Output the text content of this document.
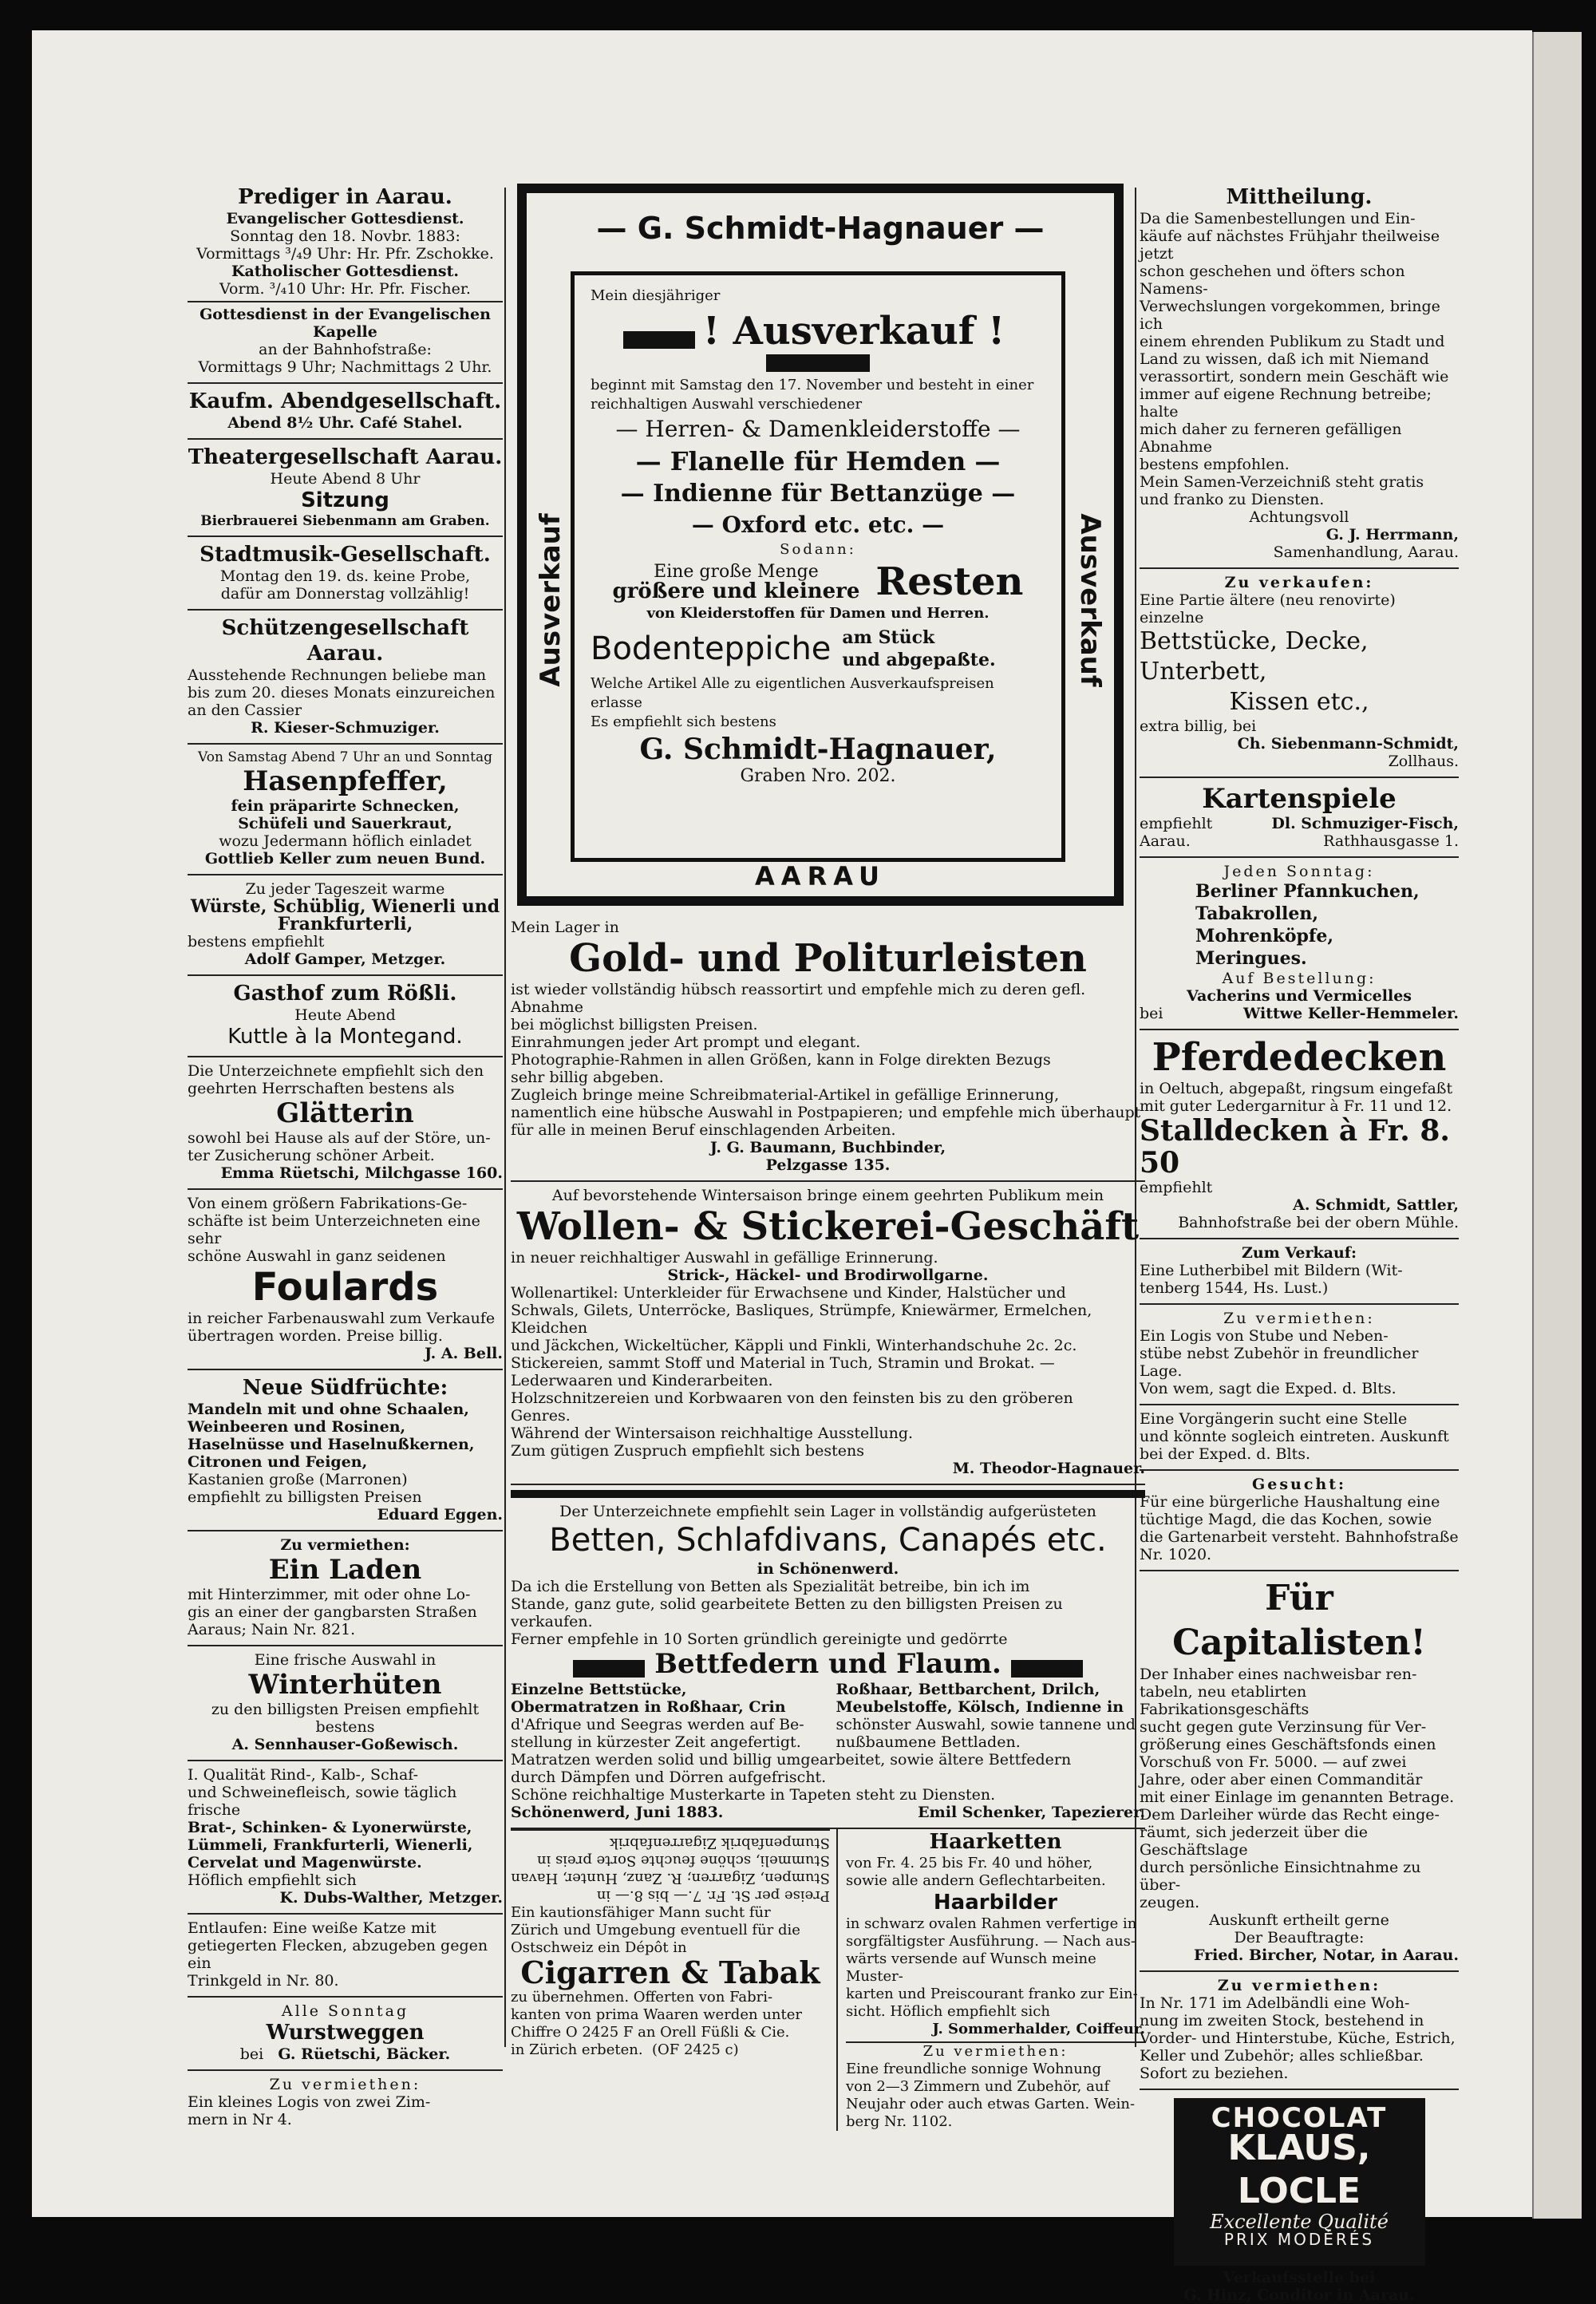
Prediger in Aarau.
Evangelischer Gottesdienst.
Sonntag den 18. Novbr. 1883:
Vormittags ³/₄9 Uhr: Hr. Pfr. Zschokke.
Katholischer Gottesdienst.
Vorm. ³/₄10 Uhr: Hr. Pfr. Fischer.
Gottesdienst in der Evangelischen Kapelle
an der Bahnhofstraße:
Vormittags 9 Uhr; Nachmittags 2 Uhr.
Kaufm. Abendgesellschaft.
Abend 8½ Uhr. Café Stahel.
Theatergesellschaft Aarau.
Heute Abend 8 Uhr
Sitzung
Bierbrauerei Siebenmann am Graben.
Stadtmusik-Gesellschaft.
Montag den 19. ds. keine Probe,
dafür am Donnerstag vollzählig!
Schützengesellschaft Aarau.
Ausstehende Rechnungen beliebe man
bis zum 20. dieses Monats einzureichen
an den Cassier
R. Kieser-Schmuziger.
Von Samstag Abend 7 Uhr an und Sonntag
Hasenpfeffer,
fein präparirte Schnecken,
Schüfeli und Sauerkraut,
wozu Jedermann höflich einladet
Gottlieb Keller zum neuen Bund.
Zu jeder Tageszeit warme
Würste, Schüblig, Wienerli und
Frankfurterli,
bestens empfiehlt
Adolf Gamper, Metzger.
Gasthof zum Rößli.
Heute Abend
Kuttle à la Montegand.
Die Unterzeichnete empfiehlt sich den
geehrten Herrschaften bestens als
Glätterin
sowohl bei Hause als auf der Störe, un-
ter Zusicherung schöner Arbeit.
Emma Rüetschi, Milchgasse 160.
Von einem größern Fabrikations-Ge-
schäfte ist beim Unterzeichneten eine sehr
schöne Auswahl in ganz seidenen
Foulards
in reicher Farbenauswahl zum Verkaufe
übertragen worden. Preise billig.
J. A. Bell.
Neue Südfrüchte:
Mandeln mit und ohne Schaalen,
Weinbeeren und Rosinen,
Haselnüsse und Haselnußkernen,
Citronen und Feigen,
Kastanien große (Marronen)
empfiehlt zu billigsten Preisen
Eduard Eggen.
Zu vermiethen:
Ein Laden
mit Hinterzimmer, mit oder ohne Lo-
gis an einer der gangbarsten Straßen
Aaraus; Nain Nr. 821.
Eine frische Auswahl in
Winterhüten
zu den billigsten Preisen empfiehlt bestens
A. Sennhauser-Goßewisch.
I. Qualität Rind-, Kalb-, Schaf-
und Schweinefleisch, sowie täglich frische
Brat-, Schinken- & Lyonerwürste,
Lümmeli, Frankfurterli, Wienerli,
Cervelat und Magenwürste.
Höflich empfiehlt sich
K. Dubs-Walther, Metzger.
Entlaufen: Eine weiße Katze mit
getiegerten Flecken, abzugeben gegen ein
Trinkgeld in Nr. 80.
Alle Sonntag
Wurstweggen
bei G. Rüetschi, Bäcker.
Zu vermiethen:
Ein kleines Logis von zwei Zim-
mern in Nr 4.
— G. Schmidt-Hagnauer —
Ausverkauf	Ausverkauf
Mein diesjähriger
! Ausverkauf !
beginnt mit Samstag den 17. November und besteht in einer
reichhaltigen Auswahl verschiedener
— Herren- & Damenkleiderstoffe —
— Flanelle für Hemden —
— Indienne für Bettanzüge —
— Oxford etc. etc. —
Sodann:
Eine große Menge
größere und kleinere Resten
von Kleiderstoffen für Damen und Herren.
Bodenteppiche am Stück
und abgepaßte.
Welche Artikel Alle zu eigentlichen Ausverkaufspreisen
erlasse
Es empfiehlt sich bestens
G. Schmidt-Hagnauer,
Graben Nro. 202.
AARAU
Mein Lager in
Gold- und Politurleisten
ist wieder vollständig hübsch reassortirt und empfehle mich zu deren gefl. Abnahme
bei möglichst billigsten Preisen.
Einrahmungen jeder Art prompt und elegant.
Photographie-Rahmen in allen Größen, kann in Folge direkten Bezugs
sehr billig abgeben.
Zugleich bringe meine Schreibmaterial-Artikel in gefällige Erinnerung,
namentlich eine hübsche Auswahl in Postpapieren; und empfehle mich überhaupt
für alle in meinen Beruf einschlagenden Arbeiten.
J. G. Baumann, Buchbinder,
Pelzgasse 135.
Auf bevorstehende Wintersaison bringe einem geehrten Publikum mein
Wollen- & Stickerei-Geschäft
in neuer reichhaltiger Auswahl in gefällige Erinnerung.
Strick-, Häckel- und Brodirwollgarne.
Wollenartikel: Unterkleider für Erwachsene und Kinder, Halstücher und
Schwals, Gilets, Unterröcke, Basliques, Strümpfe, Kniewärmer, Ermelchen, Kleidchen
und Jäckchen, Wickeltücher, Käppli und Finkli, Winterhandschuhe 2c. 2c.
Stickereien, sammt Stoff und Material in Tuch, Stramin und Brokat. —
Lederwaaren und Kinderarbeiten.
Holzschnitzereien und Korbwaaren von den feinsten bis zu den gröberen
Genres.
Während der Wintersaison reichhaltige Ausstellung.
Zum gütigen Zuspruch empfiehlt sich bestens
M. Theodor-Hagnauer.
Der Unterzeichnete empfiehlt sein Lager in vollständig aufgerüsteten
Betten, Schlafdivans, Canapés etc.
in Schönenwerd.
Da ich die Erstellung von Betten als Spezialität betreibe, bin ich im
Stande, ganz gute, solid gearbeitete Betten zu den billigsten Preisen zu verkaufen.
Ferner empfehle in 10 Sorten gründlich gereinigte und gedörrte
Bettfedern und Flaum.
Einzelne Bettstücke,
Obermatratzen in Roßhaar, Crin
d'Afrique und Seegras werden auf Be-
stellung in kürzester Zeit angefertigt.
Roßhaar, Bettbarchent, Drilch,
Meubelstoffe, Kölsch, Indienne in
schönster Auswahl, sowie tannene und
nußbaumene Bettladen.
Matratzen werden solid und billig umgearbeitet, sowie ältere Bettfedern
durch Dämpfen und Dörren aufgefrischt.
Schöne reichhaltige Musterkarte in Tapeten steht zu Diensten.
Schönenwerd, Juni 1883.	Emil Schenker, Tapezierer.
Preise per St. Fr. 7.— bis 8.— in
Stumpen, Zigarren; R. Zanz, Hunter, Havan
Stummeli, schöne feuchte Sorte preis in
Stumpenfabrik Zigarrenfabrik
Ein kautionsfähiger Mann sucht für
Zürich und Umgebung eventuell für die
Ostschweiz ein Dépôt in
Cigarren & Tabak
zu übernehmen. Offerten von Fabri-
kanten von prima Waaren werden unter
Chiffre O 2425 F an Orell Füßli & Cie.
in Zürich erbeten. (OF 2425 c)
Haarketten
von Fr. 4. 25 bis Fr. 40 und höher,
sowie alle andern Geflechtarbeiten.
Haarbilder
in schwarz ovalen Rahmen verfertige in
sorgfältigster Ausführung. — Nach aus-
wärts versende auf Wunsch meine Muster-
karten und Preiscourant franko zur Ein-
sicht. Höflich empfiehlt sich
J. Sommerhalder, Coiffeur.
Zu vermiethen:
Eine freundliche sonnige Wohnung
von 2—3 Zimmern und Zubehör, auf
Neujahr oder auch etwas Garten. Wein-
berg Nr. 1102.
Mittheilung.
Da die Samenbestellungen und Ein-
käufe auf nächstes Frühjahr theilweise jetzt
schon geschehen und öfters schon Namens-
Verwechslungen vorgekommen, bringe ich
einem ehrenden Publikum zu Stadt und
Land zu wissen, daß ich mit Niemand
verassortirt, sondern mein Geschäft wie
immer auf eigene Rechnung betreibe; halte
mich daher zu ferneren gefälligen Abnahme
bestens empfohlen.
Mein Samen-Verzeichniß steht gratis
und franko zu Diensten.
Achtungsvoll
G. J. Herrmann,
Samenhandlung, Aarau.
Zu verkaufen:
Eine Partie ältere (neu renovirte) einzelne
Bettstücke, Decke, Unterbett,
Kissen etc.,
extra billig, bei
Ch. Siebenmann-Schmidt,
Zollhaus.
Kartenspiele
empfiehlt	Dl. Schmuziger-Fisch,
Aarau.	Rathhausgasse 1.
Jeden Sonntag:
Berliner Pfannkuchen,
Tabakrollen,
Mohrenköpfe,
Meringues.
Auf Bestellung:
Vacherins und Vermicelles
bei	Wittwe Keller-Hemmeler.
Pferdedecken
in Oeltuch, abgepaßt, ringsum eingefaßt
mit guter Ledergarnitur à Fr. 11 und 12.
Stalldecken à Fr. 8. 50
empfiehlt
A. Schmidt, Sattler,
Bahnhofstraße bei der obern Mühle.
Zum Verkauf:
Eine Lutherbibel mit Bildern (Wit-
tenberg 1544, Hs. Lust.)
Zu vermiethen:
Ein Logis von Stube und Neben-
stübe nebst Zubehör in freundlicher Lage.
Von wem, sagt die Exped. d. Blts.
Eine Vorgängerin sucht eine Stelle
und könnte sogleich eintreten. Auskunft
bei der Exped. d. Blts.
Gesucht:
Für eine bürgerliche Haushaltung eine
tüchtige Magd, die das Kochen, sowie
die Gartenarbeit versteht. Bahnhofstraße
Nr. 1020.
Für Capitalisten!
Der Inhaber eines nachweisbar ren-
tabeln, neu etablirten Fabrikationsgeschäfts
sucht gegen gute Verzinsung für Ver-
größerung eines Geschäftsfonds einen
Vorschuß von Fr. 5000. — auf zwei
Jahre, oder aber einen Commanditär
mit einer Einlage im genannten Betrage.
Dem Darleiher würde das Recht einge-
räumt, sich jederzeit über die Geschäftslage
durch persönliche Einsichtnahme zu über-
zeugen.
Auskunft ertheilt gerne
Der Beauftragte:
Fried. Bircher, Notar, in Aarau.
Zu vermiethen:
In Nr. 171 im Adelbändli eine Woh-
nung im zweiten Stock, bestehend in
Vorder- und Hinterstube, Küche, Estrich,
Keller und Zubehör; alles schließbar.
Sofort zu beziehen.
CHOCOLAT
KLAUS, LOCLE
Excellente Qualité
PRIX MODÉRÉS
Verkaufsstelle bei
G. Hinz, Conditor in Aarau.
